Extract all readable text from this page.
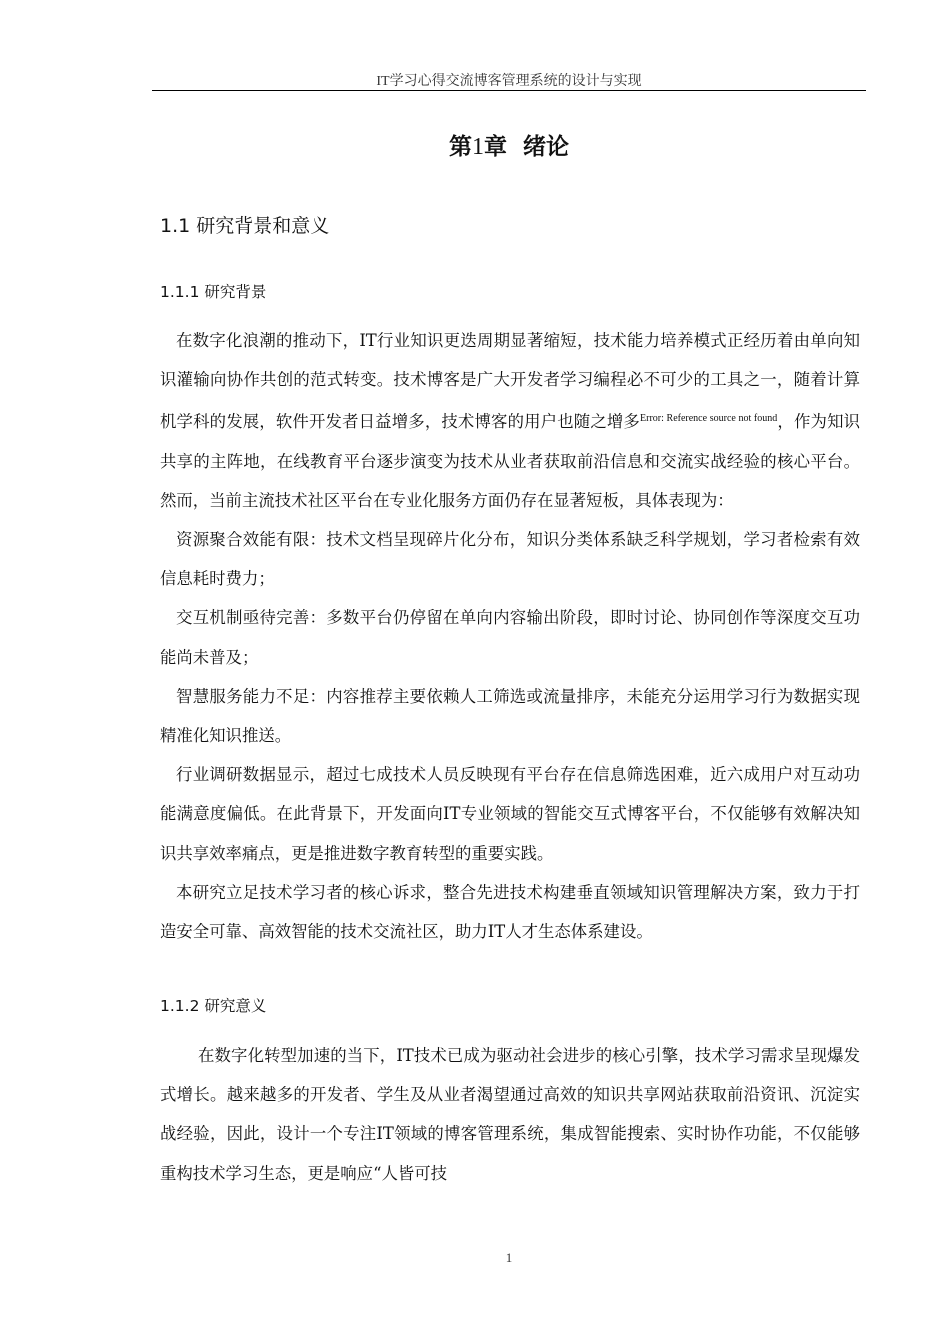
IT学习心得交流博客管理系统的设计与实现
第1章 绪论
1.1 研究背景和意义
1.1.1 研究背景

在数字化浪潮的推动下，IT行业知识更迭周期显著缩短，技术能力培养模式正经历着由单向知识灌输向协作共创的范式转变。技术博客是广大开发者学习编程必不可少的工具之一，随着计算机学科的发展，软件开发者日益增多，技术博客的用户也随之增多$^{Error: Reference source not found}$，作为知识共享的主阵地，在线教育平台逐步演变为技术从业者获取前沿信息和交流实战经验的核心平台。然而，当前主流技术社区平台在专业化服务方面仍存在显著短板，具体表现为：

资源聚合效能有限：技术文档呈现碎片化分布，知识分类体系缺乏科学规划，学习者检索有效信息耗时费力；

交互机制亟待完善：多数平台仍停留在单向内容输出阶段，即时讨论、协同创作等深度交互功能尚未普及；

智慧服务能力不足：内容推荐主要依赖人工筛选或流量排序，未能充分运用学习行为数据实现精准化知识推送。

行业调研数据显示，超过七成技术人员反映现有平台存在信息筛选困难，近六成用户对互动功能满意度偏低。在此背景下，开发面向IT专业领域的智能交互式博客平台，不仅能够有效解决知识共享效率痛点，更是推进数字教育转型的重要实践。

本研究立足技术学习者的核心诉求，整合先进技术构建垂直领域知识管理解决方案，致力于打造安全可靠、高效智能的技术交流社区，助力IT人才生态体系建设。

1.1.2 研究意义

在数字化转型加速的当下，IT技术已成为驱动社会进步的核心引擎，技术学习需求呈现爆发式增长。越来越多的开发者、学生及从业者渴望通过高效的知识共享网站获取前沿资讯、沉淀实战经验，因此，设计一个专注IT领域的博客管理系统，集成智能搜索、实时协作功能，不仅能够重构技术学习生态，更是响应“人皆可技

1
